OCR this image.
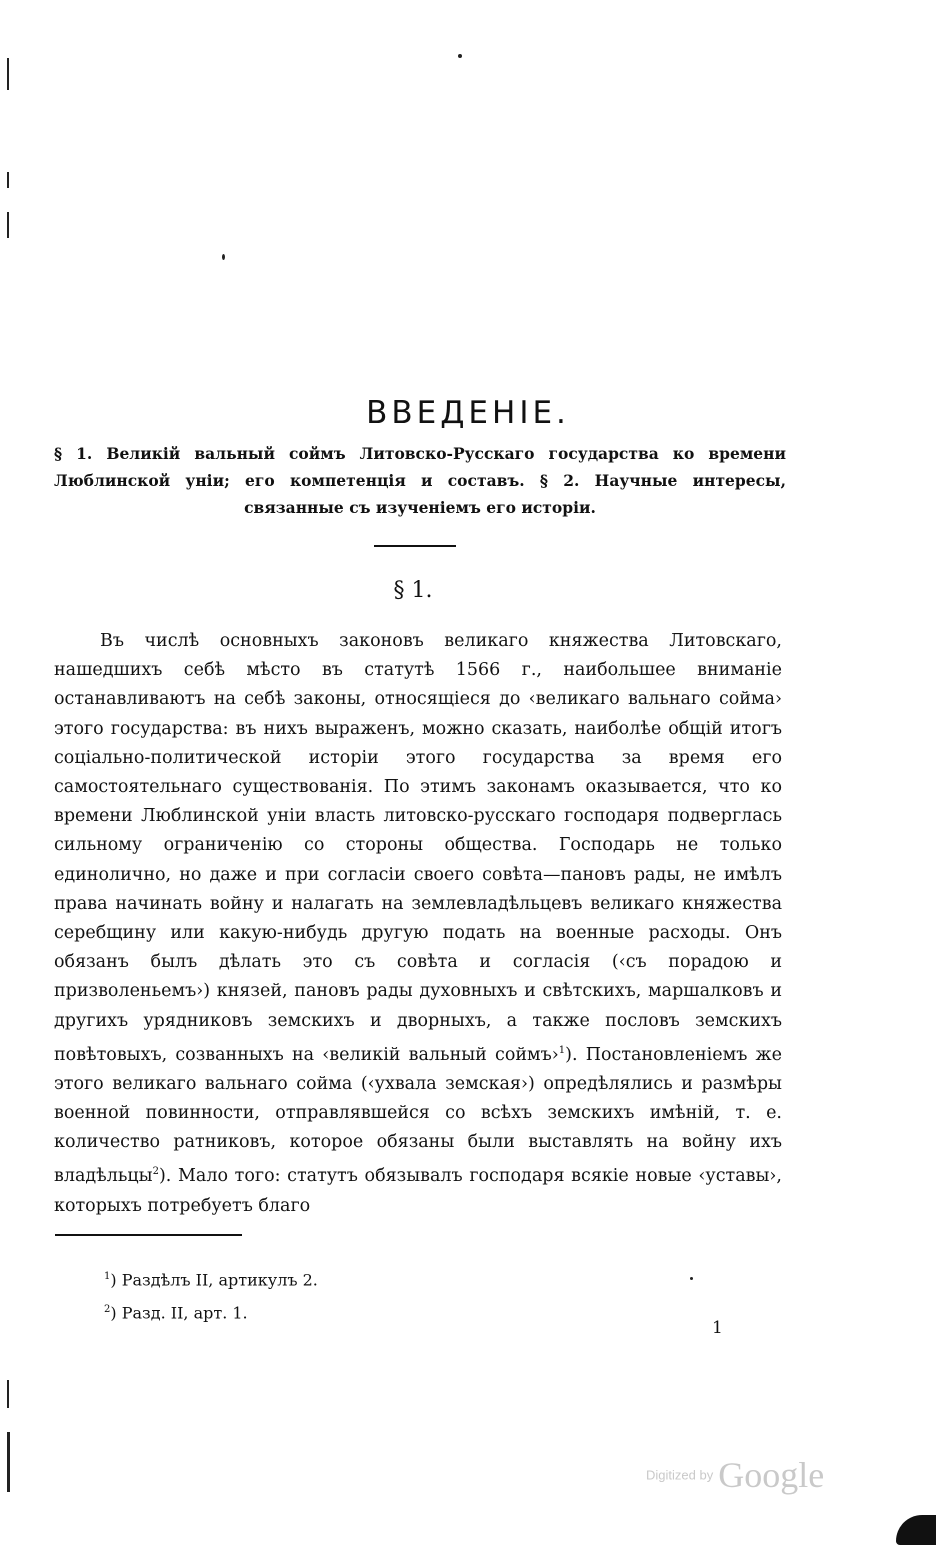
ВВЕДЕНIЕ.
§ 1. Великій вальный соймъ Литовско-Русскаго государства ко времени Люблинской уніи; его компетенція и составъ. § 2. Научные интересы, связанные съ изученіемъ его исторіи.
§ 1.

Въ числѣ основныхъ законовъ великаго княжества Литовскаго, нашедшихъ себѣ мѣсто въ статутѣ 1566 г., наибольшее вниманіе останавливаютъ на себѣ законы, относящіеся до ‹великаго вальнаго сойма› этого государства: въ нихъ выраженъ, можно сказать, наиболѣе общій итогъ соціально-политической исторіи этого государства за время его самостоятельнаго существованія. По этимъ законамъ оказывается, что ко времени Люблинской уніи власть литовско-русскаго господаря подверглась сильному ограниченію со стороны общества. Господарь не только единолично, но даже и при согласіи своего совѣта—пановъ рады, не имѣлъ права начинать войну и налагать на землевладѣльцевъ великаго княжества серебщину или какую-нибудь другую подать на военные расходы. Онъ обязанъ былъ дѣлать это съ совѣта и согласія (‹съ порадою и призволеньемъ›) князей, пановъ рады духовныхъ и свѣтскихъ, маршалковъ и другихъ урядниковъ земскихъ и дворныхъ, а также пословъ земскихъ повѣтовыхъ, созванныхъ на ‹великій вальный соймъ›$^1$). Постановленіемъ же этого великаго вальнаго сойма (‹ухвала земская›) опредѣлялись и размѣры военной повинности, отправлявшейся со всѣхъ земскихъ имѣній, т. е. количество ратниковъ, которое обязаны были выставлять на войну ихъ владѣльцы$^2$). Мало того: статутъ обязывалъ господаря всякіе новые ‹уставы›, которыхъ потребуетъ благо

$^1$) Раздѣлъ II, артикулъ 2.
$^2$) Разд. II, арт. 1.
1
Digitized by Google
